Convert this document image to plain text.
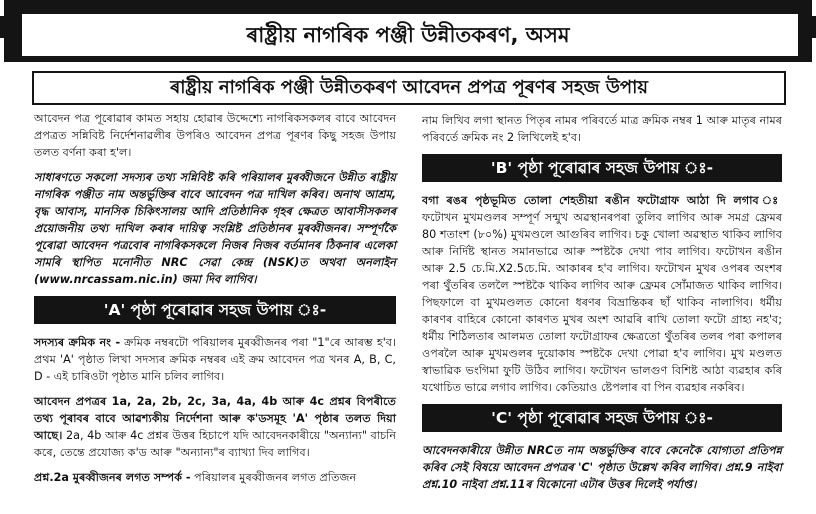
ৰাষ্ট্ৰীয় নাগৰিক পঞ্জী উন্নীতকৰণ, অসম
ৰাষ্ট্ৰীয় নাগৰিক পঞ্জী উন্নীতকৰণ আবেদন প্ৰপত্ৰ পূৰণৰ সহজ উপায়

আবেদন পত্ৰ পূৰোৱাৰ কামত সহায় হোৱাৰ উদ্দেশ্যে নাগৰিকসকলৰ বাবে আবেদন প্ৰপত্ৰত সন্নিবিষ্ট নিৰ্দেশনাৱলীৰ উপৰিও আবেদন প্ৰপত্ৰ পূৰণৰ কিছু সহজ উপায় তলত বৰ্ণনা কৰা হ'ল।

সাধাৰণতে সকলো সদস্যৰ তথ্য সন্নিবিষ্ট কৰি পৰিয়ালৰ মুৰব্বীজনে উন্নীত ৰাষ্ট্ৰীয় নাগৰিক পঞ্জীত নাম অন্তৰ্ভুক্তিৰ বাবে আবেদন পত্ৰ দাখিল কৰিব। অনাথ আশ্ৰম, বৃদ্ধ আবাস, মানসিক চিকিৎসালয় আদি প্ৰতিষ্ঠানিক গৃহৰ ক্ষেত্ৰত আবাসীসকলৰ প্ৰয়োজনীয় তথ্য দাখিল কৰাৰ দায়িত্ব সংশ্লিষ্ট প্ৰতিষ্ঠানৰ মুৰব্বীজনৰ। সম্পূৰ্ণকৈ পূৰোৱা আবেদন পত্ৰবোৰ নাগৰিকসকলে নিজৰ নিজৰ বৰ্তমানৰ ঠিকনাৰ এলেকা সামৰি স্থাপিত মনোনীত NRC সেৱা কেন্দ্ৰ (NSK)ত অথবা অনলাইন (www.nrcassam.nic.in) জমা দিব লাগিব।

'A' পৃষ্ঠা পূৰোৱাৰ সহজ উপায় ঃ-

সদস্যৰ ক্ৰমিক নং - ক্ৰমিক নম্বৰটো পৰিয়ালৰ মুৰব্বীজনৰ পৰা "1"ৰে আৰম্ভ হ'ব। প্ৰথম 'A' পৃষ্ঠাত লিখা সদস্যৰ ক্ৰমিক নম্বৰৰ এই ক্ৰম আবেদন পত্ৰ খনৰ A, B, C, D - এই চাৰিওটা পৃষ্ঠাত মানি চলিব লাগিব।

আবেদন প্ৰপত্ৰৰ 1a, 2a, 2b, 2c, 3a, 4a, 4b আৰু 4c প্ৰশ্নৰ বিপৰীতে তথ্য পূৰাবৰ বাবে আৱশ্যকীয় নিৰ্দেশনা আৰু ক'ডসমূহ 'A' পৃষ্ঠাৰ তলত দিয়া আছে। 2a, 4b আৰু 4c প্ৰশ্নৰ উত্তৰ হিচাপে যদি আবেদনকাৰীয়ে "অন্যান্য" বাচনি কৰে, তেন্তে প্ৰযোজ্য ক'ড আৰু "অন্যান্য"ৰ ব্যাখ্যা দিব লাগিব।

প্ৰশ্ন.2a মুৰব্বীজনৰ লগত সম্পৰ্ক - পৰিয়ালৰ মুৰব্বীজনৰ লগত প্ৰতিজন

নাম লিখিব লগা স্থানত পিতৃৰ নামৰ পৰিবৰ্তে মাত্ৰ ক্ৰমিক নম্বৰ 1 আৰু মাতৃৰ নামৰ পৰিবৰ্তে ক্ৰমিক নং 2 লিখিলেই হ'ব।

'B' পৃষ্ঠা পূৰোৱাৰ সহজ উপায় ঃ-

বগা ৰঙৰ পৃষ্ঠভূমিত তোলা শেহতীয়া ৰঙীন ফটোগ্ৰাফ আঠা দি লগাব ঃ ফটোখন মুখমণ্ডলৰ সম্পূৰ্ণ সন্মুখ অৱস্থানৰপৰা তুলিব লাগিব আৰু সমগ্ৰ ফ্ৰেমৰ 80 শতাংশ (৮০%) মুখমণ্ডলে আগুৰিব লাগিব। চকু খোলা অৱস্থাত থাকিব লাগিব আৰু নিৰ্দিষ্ট স্থানত সমানভাৱে আৰু স্পষ্টকৈ দেখা পাব লাগিব। ফটোখন ৰঙীন আৰু 2.5 চে.মি.X2.5চে.মি. আকাৰৰ হ'ব লাগিব। ফটোখন মুখৰ ওপৰৰ অংশৰ পৰা থুঁতৰিৰ তললৈ স্পষ্টকৈ থাকিব লাগিব আৰু ফ্ৰেমৰ সোঁমাজত থাকিব লাগিব। পিছফালে বা মুখমণ্ডলত কোনো ধৰণৰ বিভ্ৰান্তিকৰ ছাঁ থাকিব নালাগিব। ধৰ্মীয় কাৰণৰ বাহিৰে কোনো কাৰণত মুখৰ অংশ আৱৰি ৰাখি তোলা ফটো গ্ৰাহ্য নহ'ব; ধৰ্মীয় শিঠিলতাৰ আলমত তোলা ফটোগ্ৰাফৰ ক্ষেত্ৰতো থুঁতৰিৰ তলৰ পৰা কপালৰ ওপৰলৈ আৰু মুখমণ্ডলৰ দুয়োকাষ স্পষ্টকৈ দেখা পোৱা হ'ব লাগিব। মুখ মণ্ডলত স্বাভাৱিক ভংগিমা ফুটি উঠিব লাগিব। ফটোখন ভালগুণ বিশিষ্ট আঠা ব্যৱহাৰ কৰি যথোচিত ভাৱে লগাব লাগিব। কেতিয়াও ষ্টেপলাৰ বা পিন ব্যৱহাৰ নকৰিব।

'C' পৃষ্ঠা পূৰোৱাৰ সহজ উপায় ঃ-

আবেদনকাৰীয়ে উন্নীত NRCত নাম অন্তৰ্ভুক্তিৰ বাবে কেনেকৈ যোগ্যতা প্ৰতিপন্ন কৰিব সেই বিষয়ে আবেদন প্ৰপত্ৰৰ 'C' পৃষ্ঠাত উল্লেখ কৰিব লাগিব। প্ৰশ্ন.9 নাইবা প্ৰশ্ন.10 নাইবা প্ৰশ্ন.11ৰ যিকোনো এটাৰ উত্তৰ দিলেই পৰ্যাপ্ত।
